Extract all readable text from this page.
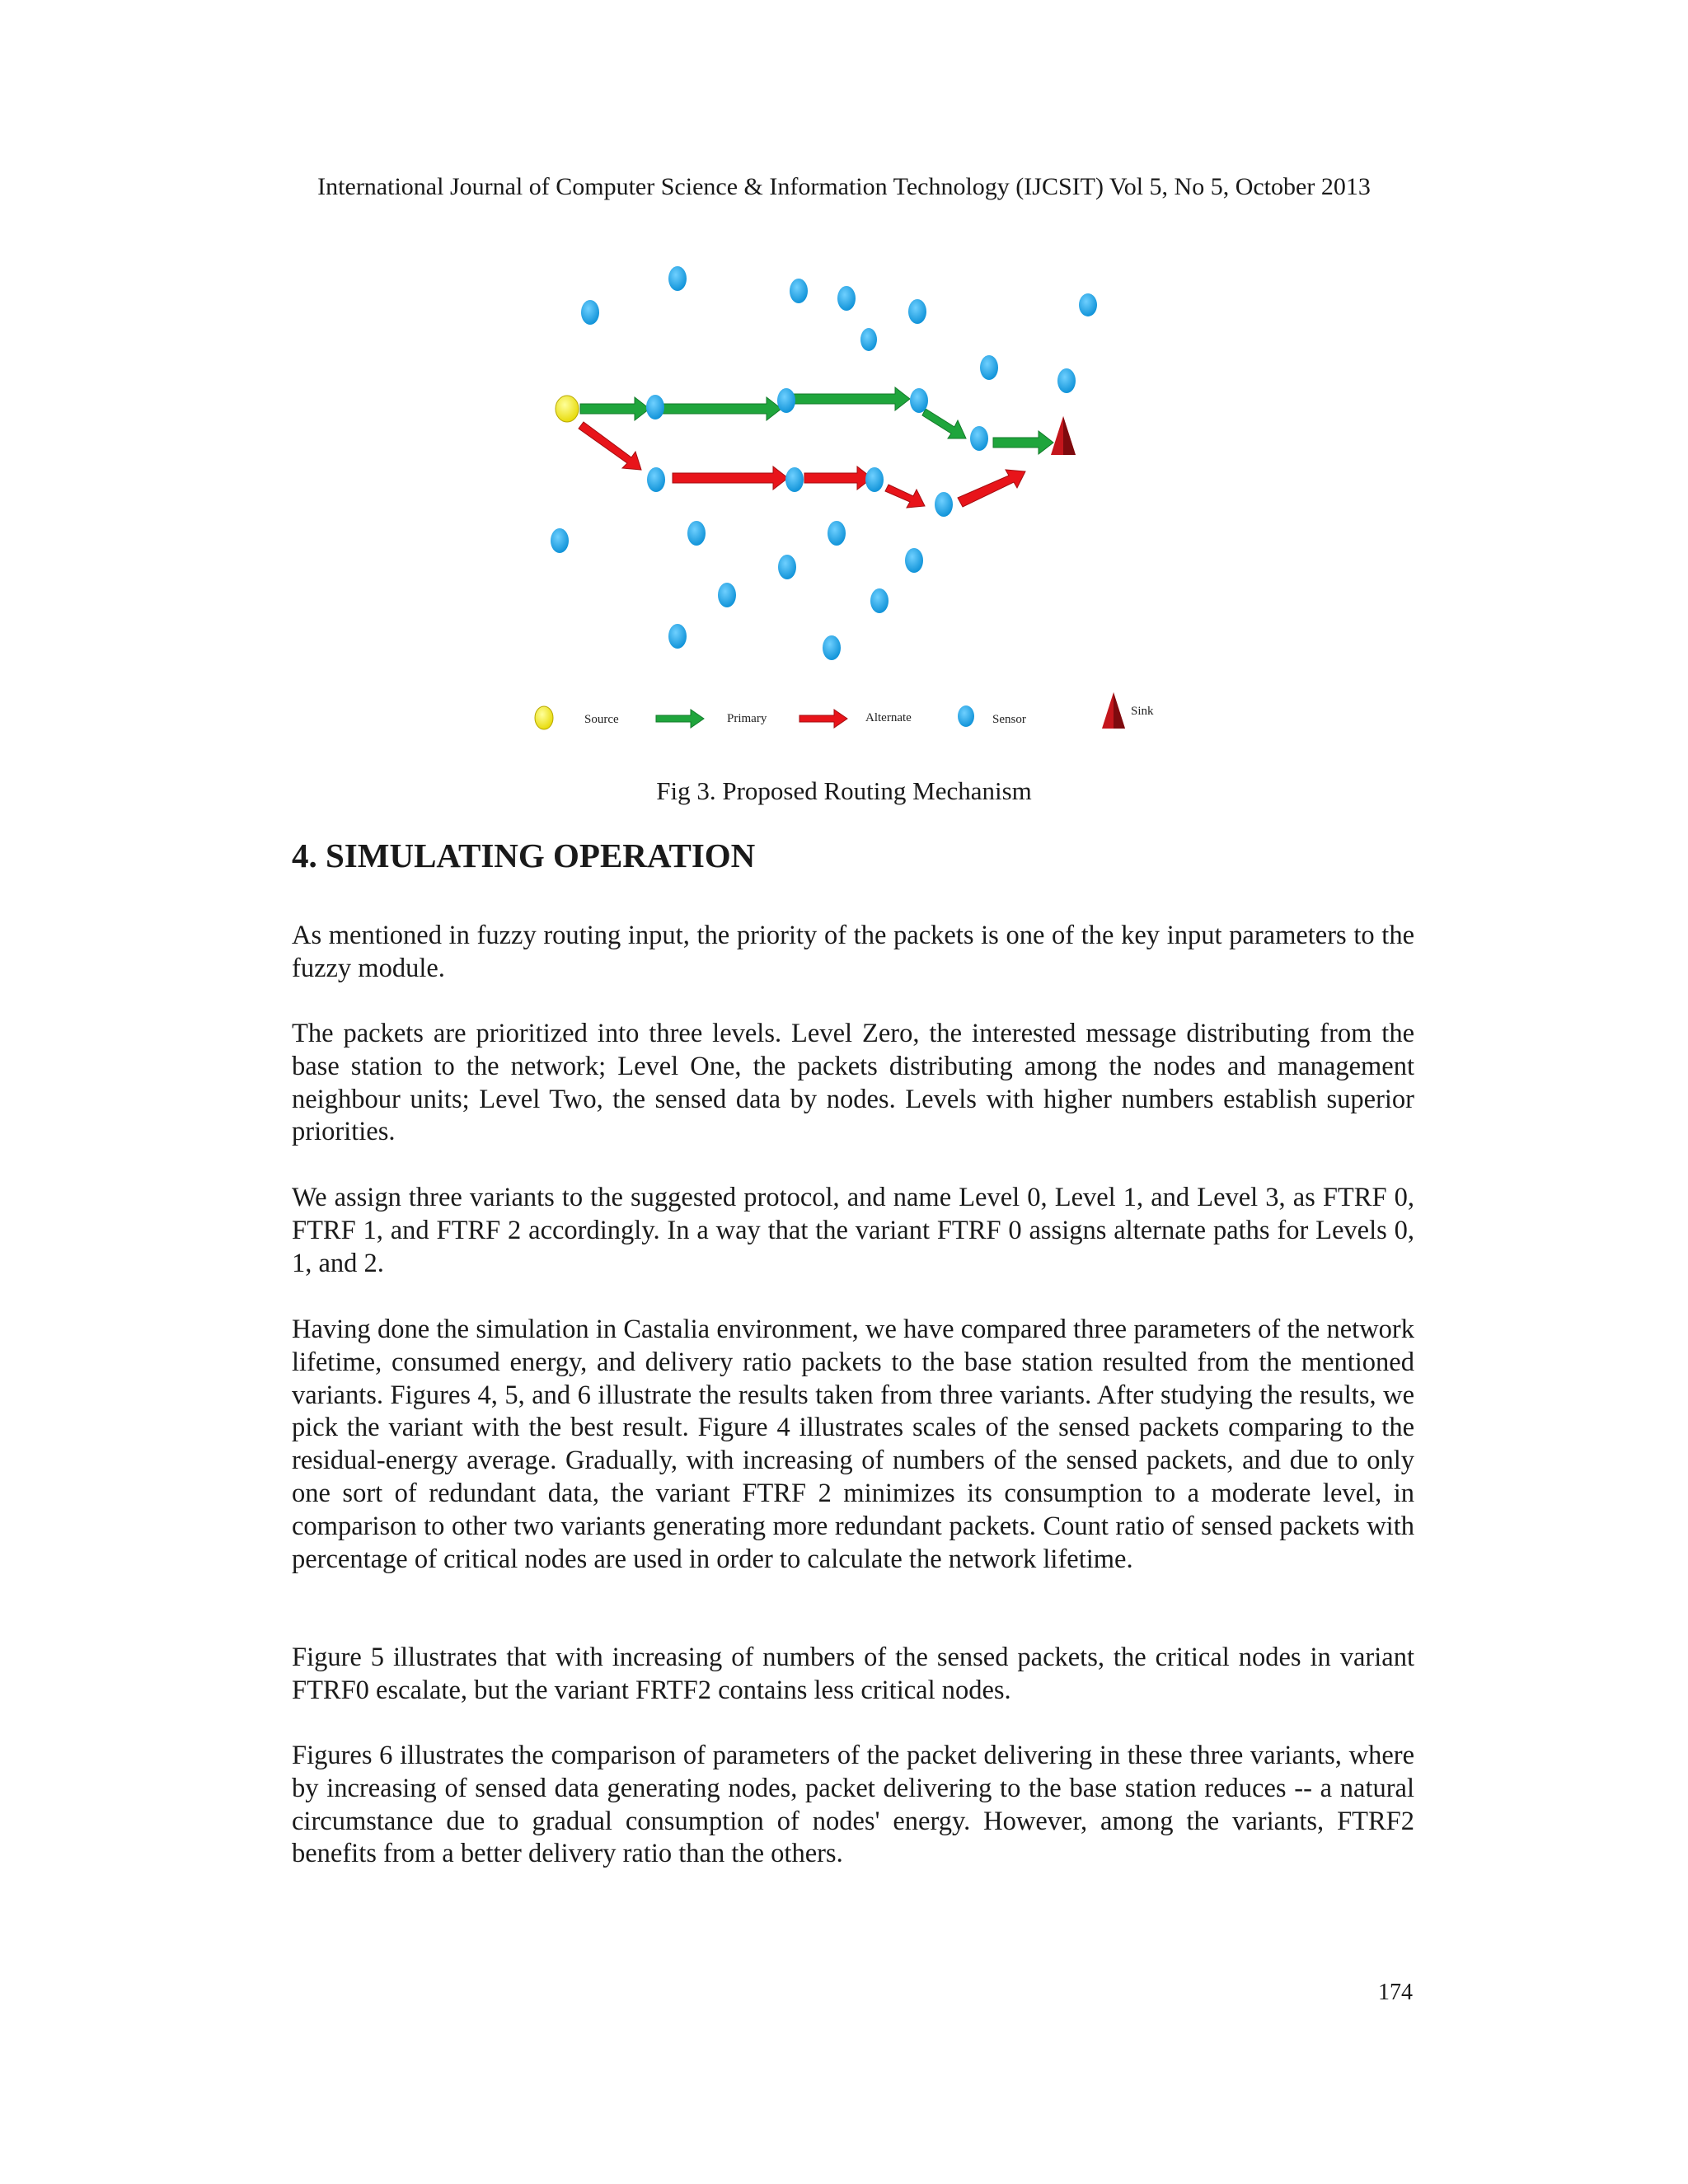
International Journal of Computer Science & Information Technology (IJCSIT) Vol 5, No 5, October 2013
Source	Primary	Alternate	Sensor
Sink
Fig 3. Proposed Routing Mechanism
4. SIMULATING OPERATION

As mentioned in fuzzy routing input, the priority of the packets is one of the key input parameters to the fuzzy module.

The packets are prioritized into three levels. Level Zero, the interested message distributing from the base station to the network; Level One, the packets distributing among the nodes and management neighbour units; Level Two, the sensed data by nodes. Levels with higher numbers establish superior priorities.

We assign three variants to the suggested protocol, and name Level 0, Level 1, and Level 3, as FTRF 0, FTRF 1, and FTRF 2 accordingly. In a way that the variant FTRF 0 assigns alternate paths for Levels 0, 1, and 2.

Having done the simulation in Castalia environment, we have compared three parameters of the network lifetime, consumed energy, and delivery ratio packets to the base station resulted from the mentioned variants. Figures 4, 5, and 6 illustrate the results taken from three variants. After studying the results, we pick the variant with the best result. Figure 4 illustrates scales of the sensed packets comparing to the residual-energy average. Gradually, with increasing of numbers of the sensed packets, and due to only one sort of redundant data, the variant FTRF 2 minimizes its consumption to a moderate level, in comparison to other two variants generating more redundant packets. Count ratio of sensed packets with percentage of critical nodes are used in order to calculate the network lifetime.

Figure 5 illustrates that with increasing of numbers of the sensed packets, the critical nodes in variant FTRF0 escalate, but the variant FRTF2 contains less critical nodes.

Figures 6 illustrates the comparison of parameters of the packet delivering in these three variants, where by increasing of sensed data generating nodes, packet delivering to the base station reduces -- a natural circumstance due to gradual consumption of nodes' energy. However, among the variants, FTRF2 benefits from a better delivery ratio than the others.

174
